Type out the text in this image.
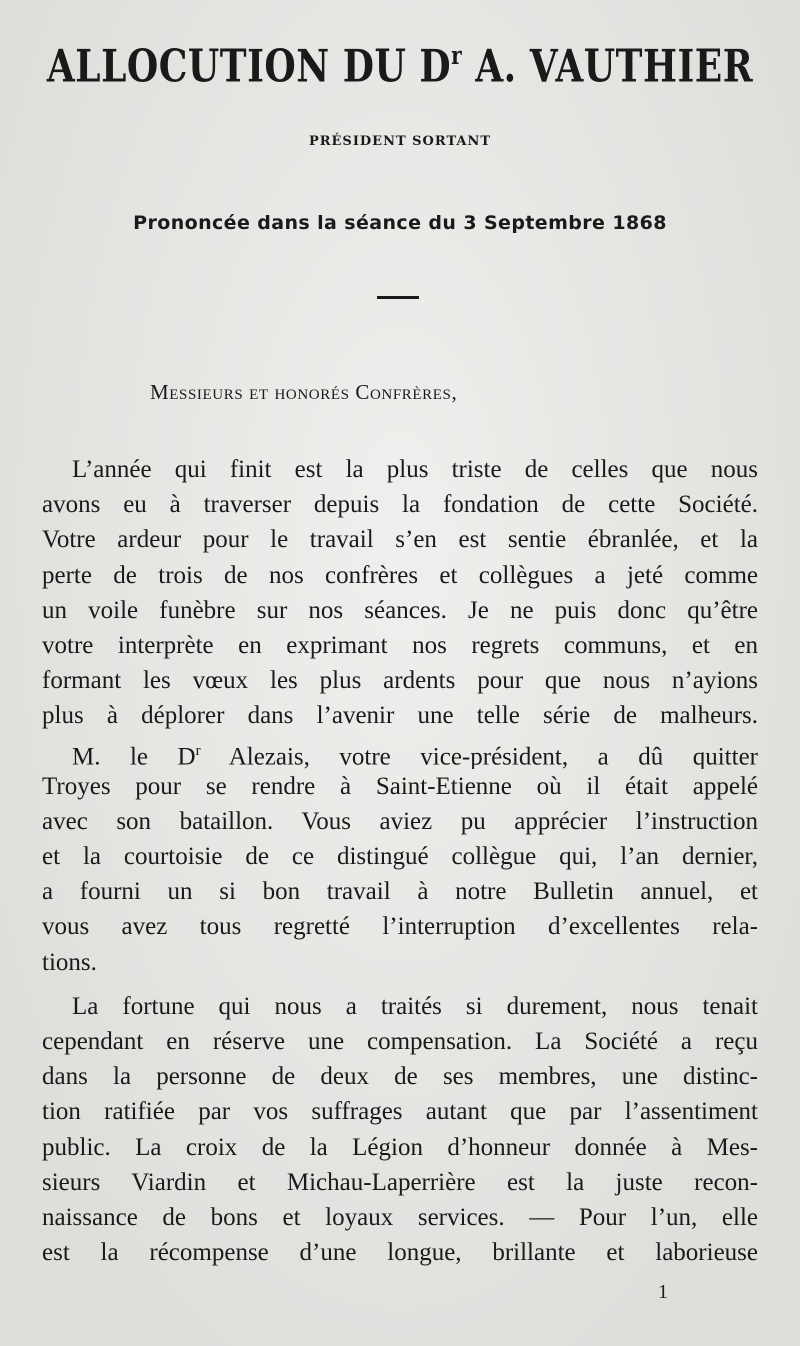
ALLOCUTION DU $D^r$ A. VAUTHIER
PRÉSIDENT SORTANT
Prononcée dans la séance du 3 Septembre 1868
Messieurs et honorés Confrères,
L’année qui finit est la plus triste de celles que nous
avons eu à traverser depuis la fondation de cette Société.
Votre ardeur pour le travail s’en est sentie ébranlée, et la
perte de trois de nos confrères et collègues a jeté comme
un voile funèbre sur nos séances. Je ne puis donc qu’être
votre interprète en exprimant nos regrets communs, et en
formant les vœux les plus ardents pour que nous n’ayions
plus à déplorer dans l’avenir une telle série de malheurs.
M. le $D^r$ Alezais, votre vice-président, a dû quitter
Troyes pour se rendre à Saint-Etienne où il était appelé
avec son bataillon. Vous aviez pu apprécier l’instruction
et la courtoisie de ce distingué collègue qui, l’an dernier,
a fourni un si bon travail à notre Bulletin annuel, et
vous avez tous regretté l’interruption d’excellentes rela-
tions.
La fortune qui nous a traités si durement, nous tenait
cependant en réserve une compensation. La Société a reçu
dans la personne de deux de ses membres, une distinc-
tion ratifiée par vos suffrages autant que par l’assentiment
public. La croix de la Légion d’honneur donnée à Mes-
sieurs Viardin et Michau-Laperrière est la juste recon-
naissance de bons et loyaux services. — Pour l’un, elle
est la récompense d’une longue, brillante et laborieuse
1
